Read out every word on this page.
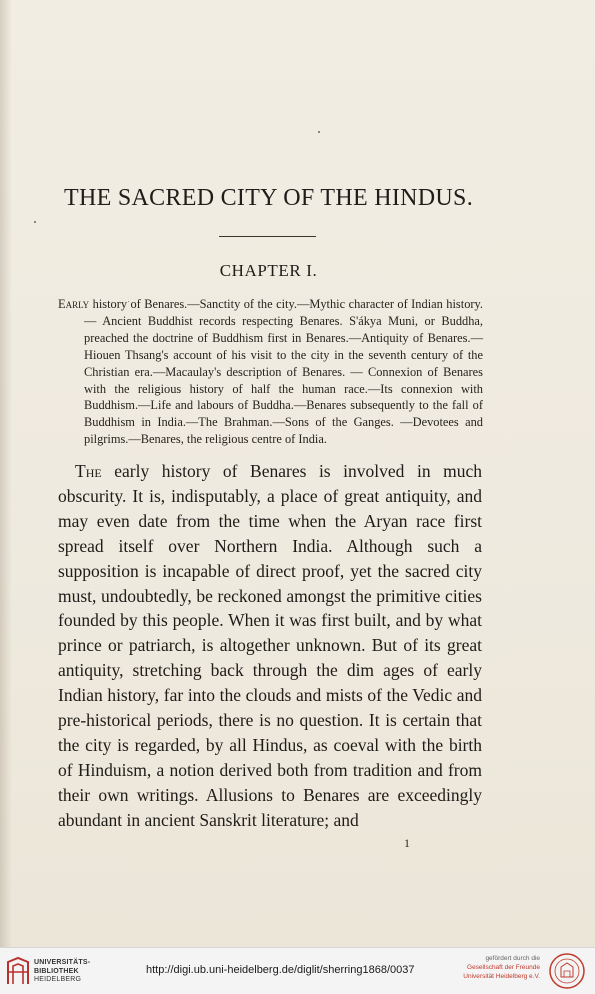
THE SACRED CITY OF THE HINDUS.
CHAPTER I.

Early history of Benares.—Sanctity of the city.—Mythic character of Indian history. — Ancient Buddhist records respecting Benares. S'ákya Muni, or Buddha, preached the doctrine of Buddhism first in Benares.—Antiquity of Benares.—Hiouen Thsang's account of his visit to the city in the seventh century of the Christian era.—Macaulay's description of Benares. — Connexion of Benares with the religious history of half the human race.—Its connexion with Buddhism.—Life and labours of Buddha.—Benares subsequently to the fall of Buddhism in India.—The Brahman.—Sons of the Ganges. —Devotees and pilgrims.—Benares, the religious centre of India.

The early history of Benares is involved in much obscurity. It is, indisputably, a place of great antiquity, and may even date from the time when the Aryan race first spread itself over Northern India. Although such a supposition is incapable of direct proof, yet the sacred city must, undoubtedly, be reckoned amongst the primitive cities founded by this people. When it was first built, and by what prince or patriarch, is altogether unknown. But of its great antiquity, stretching back through the dim ages of early Indian history, far into the clouds and mists of the Vedic and pre-historical periods, there is no question. It is certain that the city is regarded, by all Hindus, as coeval with the birth of Hinduism, a notion derived both from tradition and from their own writings. Allusions to Benares are exceedingly abundant in ancient Sanskrit literature; and

1
UNIVERSITÄTS-
BIBLIOTHEK
HEIDELBERG
http://digi.ub.uni-heidelberg.de/diglit/sherring1868/0037
gefördert durch die
Gesellschaft der Freunde
Universität Heidelberg e.V.
